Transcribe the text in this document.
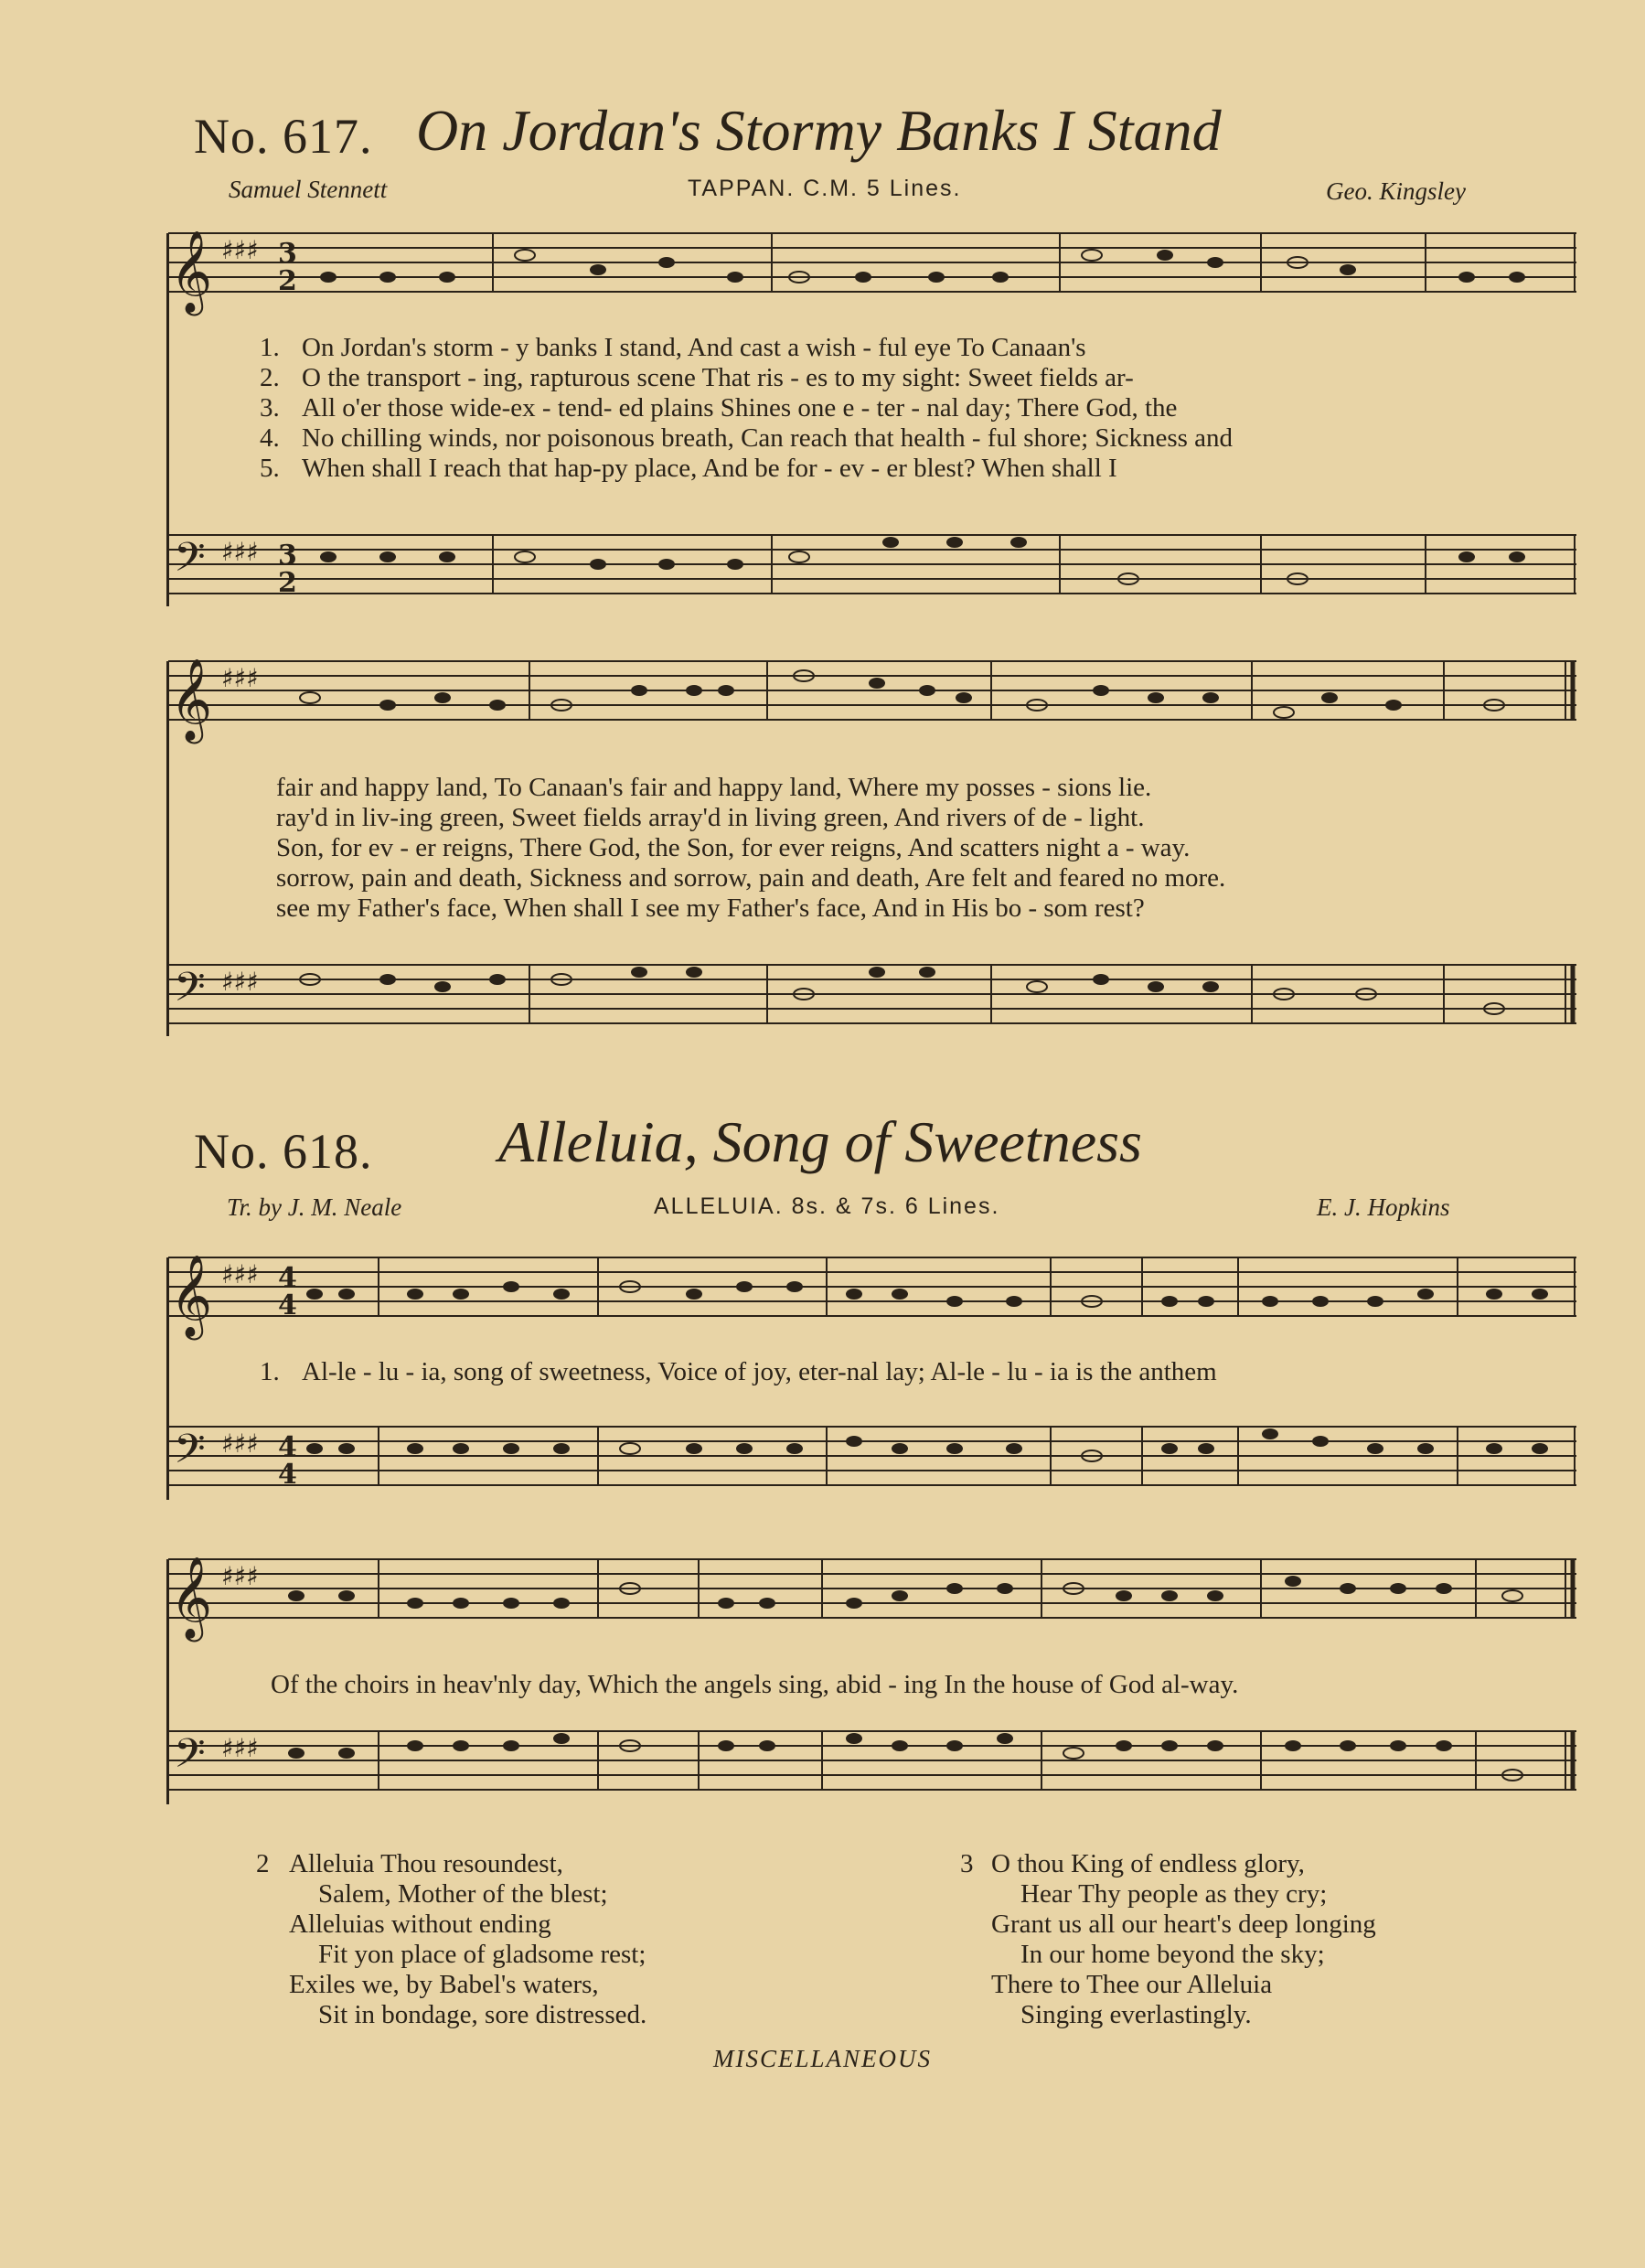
No. 617. On Jordan's Stormy Banks I Stand
Samuel Stennett	TAPPAN. C.M. 5 Lines.	Geo. Kingsley
𝄞 ♯♯♯ 3
2
1. On Jordan's storm - y banks I stand, And cast a wish - ful eye To Canaan's
2. O the transport - ing, rapturous scene That ris - es to my sight: Sweet fields ar-
3. All o'er those wide-ex - tend- ed plains Shines one e - ter - nal day; There God, the
4. No chilling winds, nor poisonous breath, Can reach that health - ful shore; Sickness and
5. When shall I reach that hap-py place, And be for - ev - er blest? When shall I
𝄢 ♯♯♯ 3
2
𝄞 ♯♯♯
fair and happy land, To Canaan's fair and happy land, Where my posses - sions lie.
ray'd in liv-ing green, Sweet fields array'd in living green, And rivers of de - light.
Son, for ev - er reigns, There God, the Son, for ever reigns, And scatters night a - way.
sorrow, pain and death, Sickness and sorrow, pain and death, Are felt and feared no more.
see my Father's face, When shall I see my Father's face, And in His bo - som rest?
𝄢 ♯♯♯
No. 618. Alleluia, Song of Sweetness
Tr. by J. M. Neale	ALLELUIA. 8s. & 7s. 6 Lines.	E. J. Hopkins
𝄞 ♯♯♯ 4
4
1. Al-le - lu - ia, song of sweetness, Voice of joy, eter-nal lay; Al-le - lu - ia is the anthem
𝄢 ♯♯♯ 4
4
𝄞 ♯♯♯
Of the choirs in heav'nly day, Which the angels sing, abid - ing In the house of God al-way.
𝄢 ♯♯♯
2 Alleluia Thou resoundest,
Salem, Mother of the blest;
Alleluias without ending
Fit yon place of gladsome rest;
Exiles we, by Babel's waters,
Sit in bondage, sore distressed.
3 O thou King of endless glory,
Hear Thy people as they cry;
Grant us all our heart's deep longing
In our home beyond the sky;
There to Thee our Alleluia
Singing everlastingly.
MISCELLANEOUS
